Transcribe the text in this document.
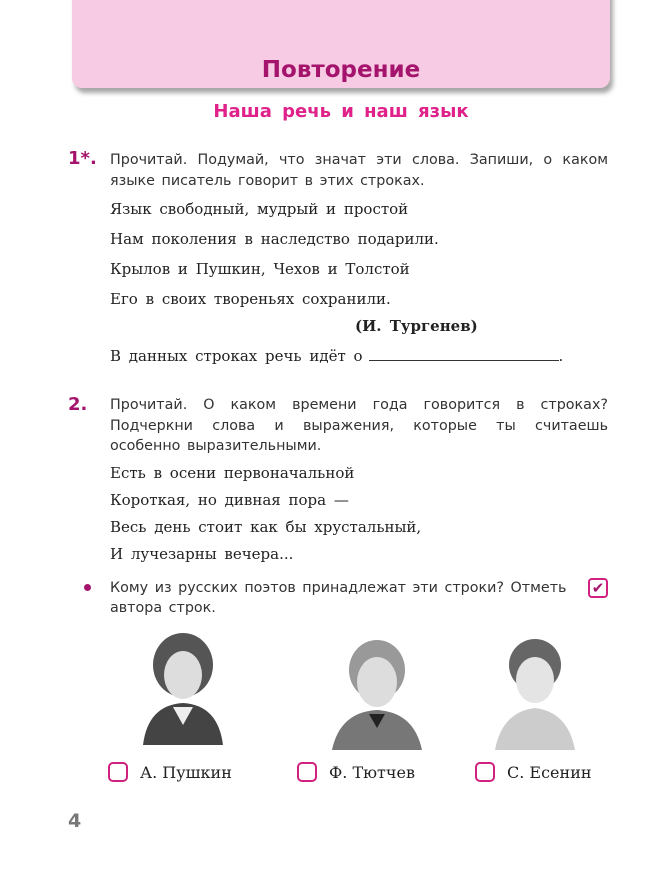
Повторение
Наша речь и наш язык
1*. Прочитай. Подумай, что значат эти слова. Запиши, о каком языке писатель говорит в этих строках.
Язык свободный, мудрый и простой
Нам поколения в наследство подарили.
Крылов и Пушкин, Чехов и Толстой
Его в своих твореньях сохранили.
(И. Тургенев)
В данных строках речь идёт о	.
2. Прочитай. О каком времени года говорится в строках? Подчеркни слова и выражения, которые ты считаешь особенно выразительными.
Есть в осени первоначальной
Короткая, но дивная пора —
Весь день стоит как бы хрустальный,
И лучезарны вечера...
Кому из русских поэтов принадлежат эти строки? Отметь	✔
автора строк.
А. Пушкин	Ф. Тютчев	С. Есенин
4
